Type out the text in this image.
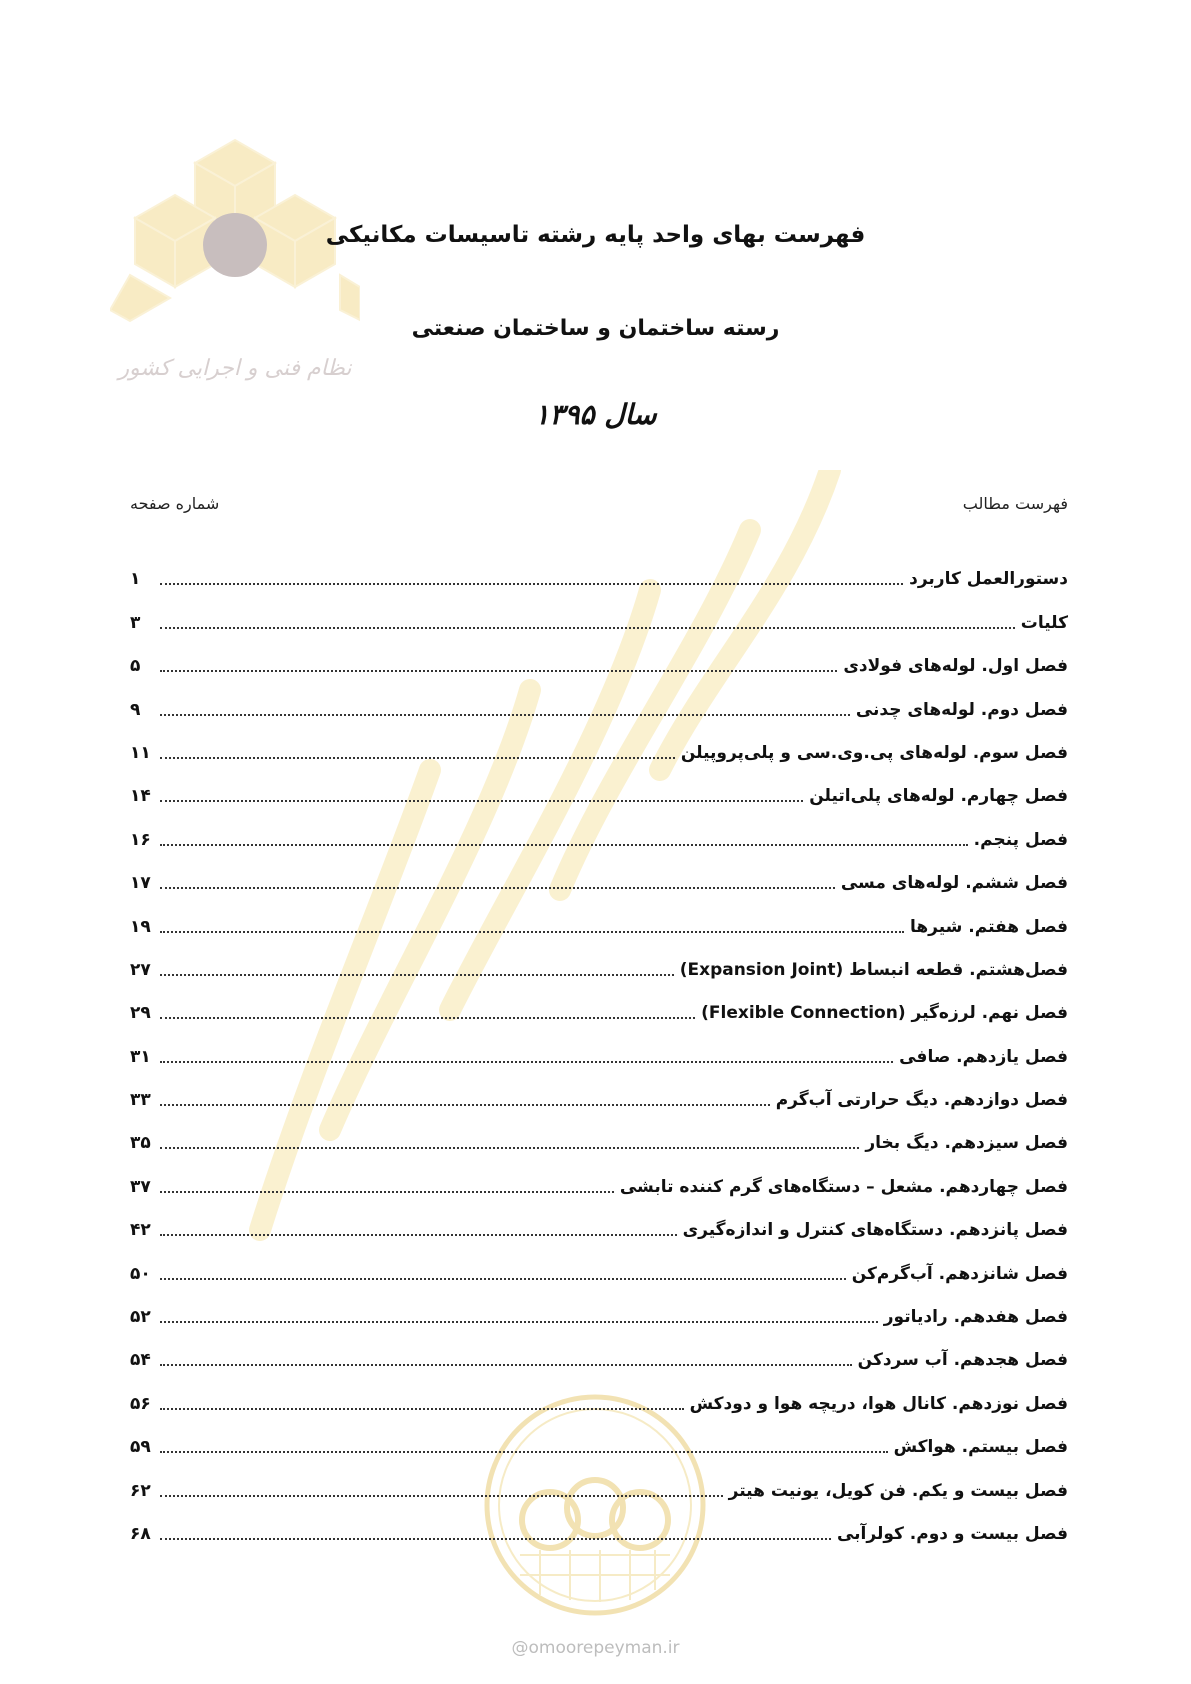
نظام فنی و اجرایی کشور
فهرست بهای واحد پایه رشته تاسیسات مکانیکی
رسته ساختمان و ساختمان صنعتی
سال ۱۳۹۵
فهرست مطالب
شماره صفحه
دستورالعمل کاربرد
۱
کلیات
۳
فصل اول. لوله‌های فولادی
۵
فصل دوم. لوله‌های چدنی
۹
فصل سوم. لوله‌های پی.وی.سی و پلی‌پروپیلن
۱۱
فصل چهارم. لوله‌های پلی‌اتیلن
۱۴
فصل پنجم.
۱۶
فصل ششم. لوله‌های مسی
۱۷
فصل هفتم. شیرها
۱۹
فصل‌هشتم. قطعه انبساط (Expansion Joint)
۲۷
فصل نهم. لرزه‌گیر (Flexible Connection)
۲۹
فصل یازدهم. صافی
۳۱
فصل دوازدهم. دیگ حرارتی آب‌گرم
۳۳
فصل سیزدهم. دیگ بخار
۳۵
فصل چهاردهم. مشعل – دستگاه‌های گرم کننده تابشی
۳۷
فصل پانزدهم. دستگاه‌های کنترل و اندازه‌گیری
۴۲
فصل شانزدهم. آب‌گرم‌کن
۵۰
فصل هفدهم. رادیاتور
۵۲
فصل هجدهم. آب سردکن
۵۴
فصل نوزدهم. کانال هوا، دریچه هوا و دودکش
۵۶
فصل بیستم. هواکش
۵۹
فصل بیست و یکم. فن کویل، یونیت هیتر
۶۲
فصل بیست و دوم. کولرآبی
۶۸
@omoorepeyman.ir
